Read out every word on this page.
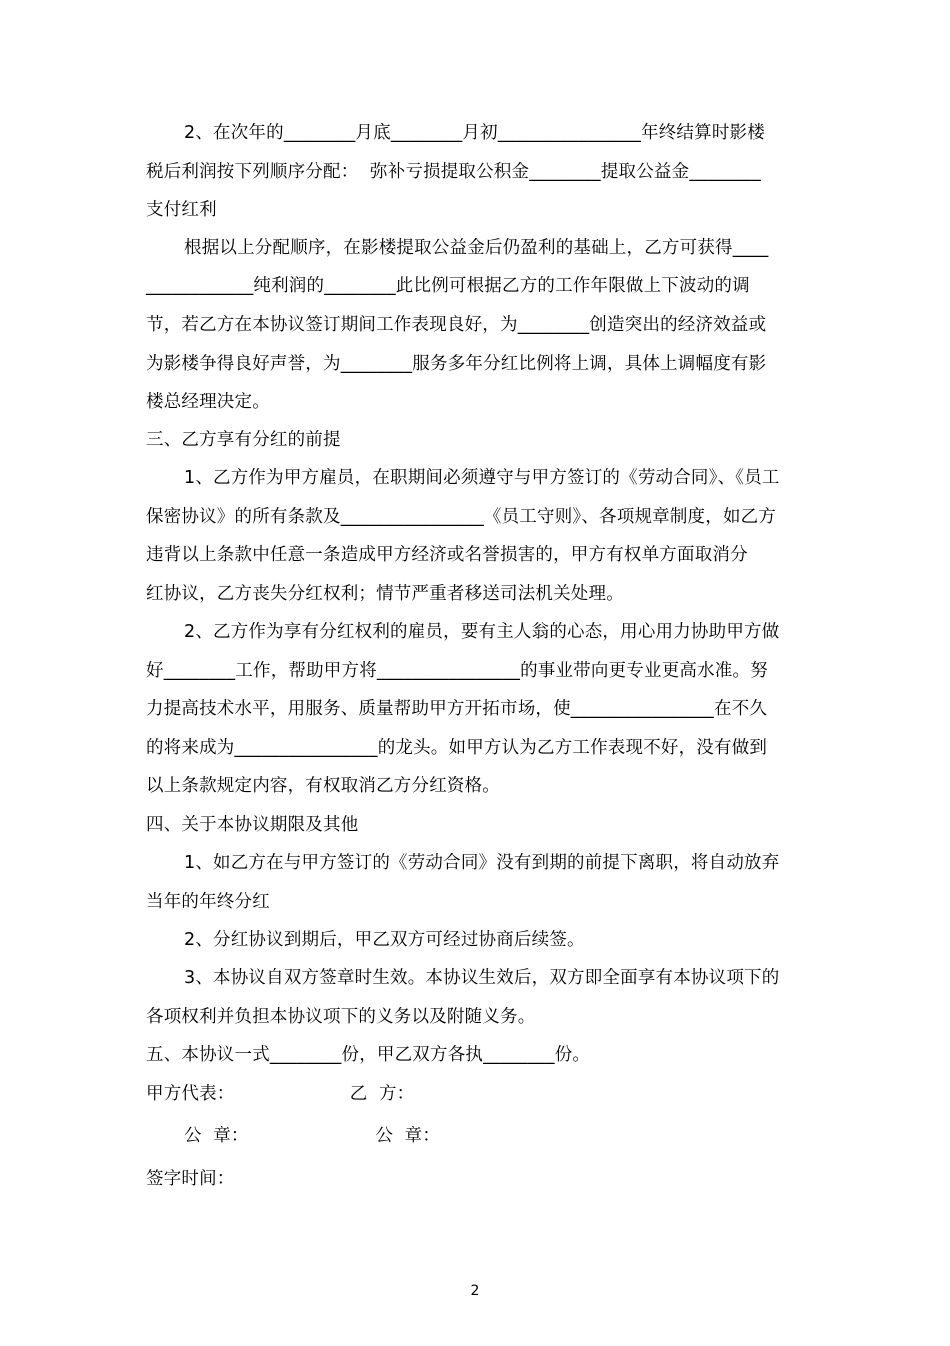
2、在次年的________月底________月初________________年终结算时影楼
税后利润按下列顺序分配：  弥补亏损提取公积金________提取公益金________
支付红利
根据以上分配顺序，在影楼提取公益金后仍盈利的基础上，乙方可获得____
____________纯利润的________此比例可根据乙方的工作年限做上下波动的调
节，若乙方在本协议签订期间工作表现良好，为________创造突出的经济效益或
为影楼争得良好声誉，为________服务多年分红比例将上调，具体上调幅度有影
楼总经理决定。
三、乙方享有分红的前提
1、乙方作为甲方雇员，在职期间必须遵守与甲方签订的《劳动合同》、《员工
保密协议》的所有条款及________________《员工守则》、各项规章制度，如乙方
违背以上条款中任意一条造成甲方经济或名誉损害的，甲方有权单方面取消分
红协议，乙方丧失分红权利；情节严重者移送司法机关处理。
2、乙方作为享有分红权利的雇员，要有主人翁的心态，用心用力协助甲方做
好________工作，帮助甲方将________________的事业带向更专业更高水准。努
力提高技术水平，用服务、质量帮助甲方开拓市场，使________________在不久
的将来成为________________的龙头。如甲方认为乙方工作表现不好，没有做到
以上条款规定内容，有权取消乙方分红资格。
四、关于本协议期限及其他
1、如乙方在与甲方签订的《劳动合同》没有到期的前提下离职，将自动放弃
当年的年终分红
2、分红协议到期后，甲乙双方可经过协商后续签。
3、本协议自双方签章时生效。本协议生效后，双方即全面享有本协议项下的
各项权利并负担本协议项下的义务以及附随义务。
五、本协议一式________份，甲乙双方各执________份。
甲方代表：                    乙  方：
公  章：                      公  章：
签字时间：
2
